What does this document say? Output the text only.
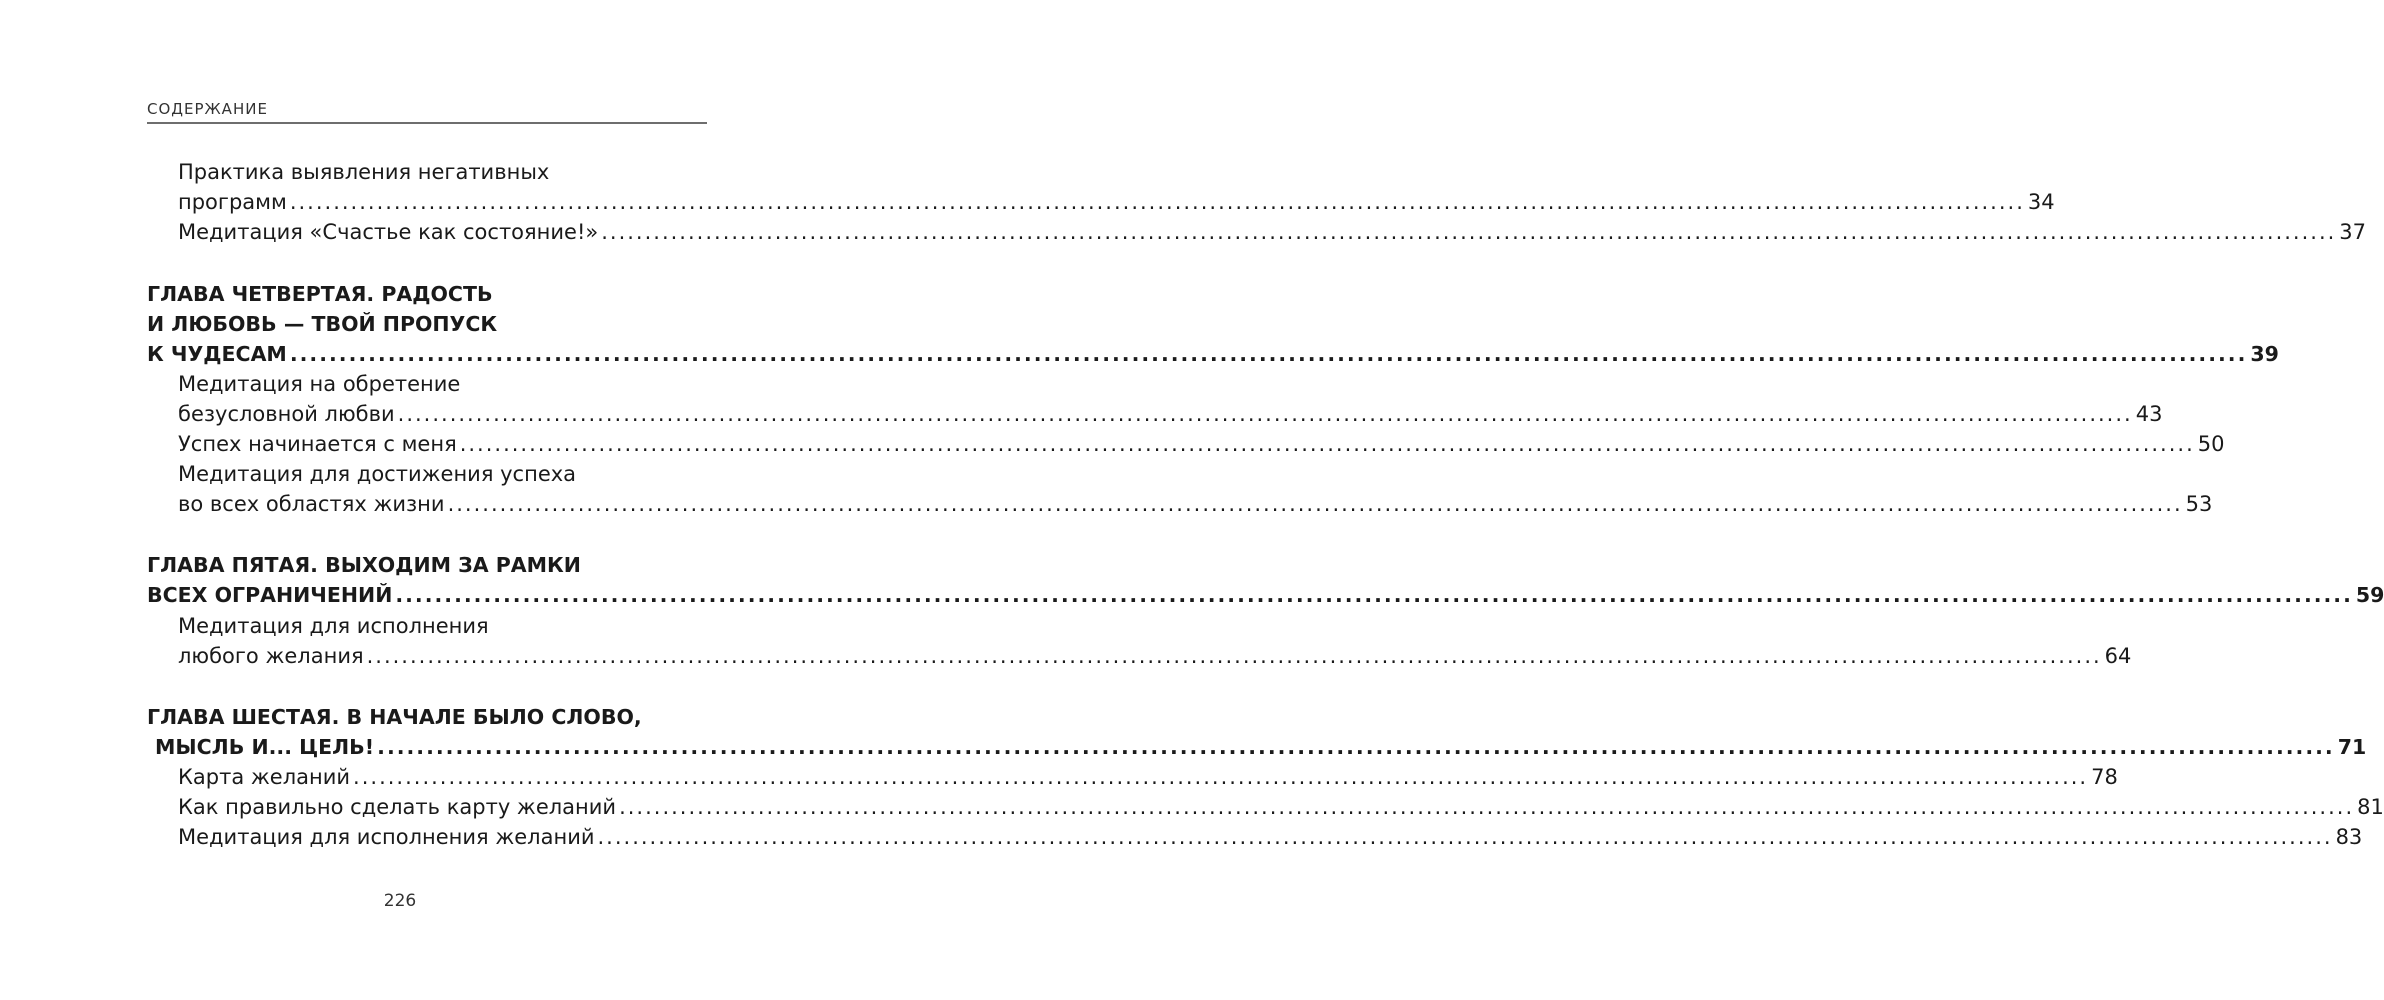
СОДЕРЖАНИЕ
Практика выявления негативных
программ ........................................................................................................................................................................................................ 34
Медитация «Счастье как состояние!» ........................................................................................................................................................................................................ 37
ГЛАВА ЧЕТВЕРТАЯ. РАДОСТЬ
И ЛЮБОВЬ — ТВОЙ ПРОПУСК
К ЧУДЕСАМ ........................................................................................................................................................................................................ 39
Медитация на обретение
безусловной любви ........................................................................................................................................................................................................ 43
Успех начинается с меня ........................................................................................................................................................................................................ 50
Медитация для достижения успеха
во всех областях жизни ........................................................................................................................................................................................................ 53
ГЛАВА ПЯТАЯ. ВЫХОДИМ ЗА РАМКИ
ВСЕХ ОГРАНИЧЕНИЙ ........................................................................................................................................................................................................ 59
Медитация для исполнения
любого желания ........................................................................................................................................................................................................ 64
ГЛАВА ШЕСТАЯ. В НАЧАЛЕ БЫЛО СЛОВО,
МЫСЛЬ И... ЦЕЛЬ! ........................................................................................................................................................................................................ 71
Карта желаний ........................................................................................................................................................................................................ 78
Как правильно сделать карту желаний ........................................................................................................................................................................................................ 81
Медитация для исполнения желаний ........................................................................................................................................................................................................ 83
226
